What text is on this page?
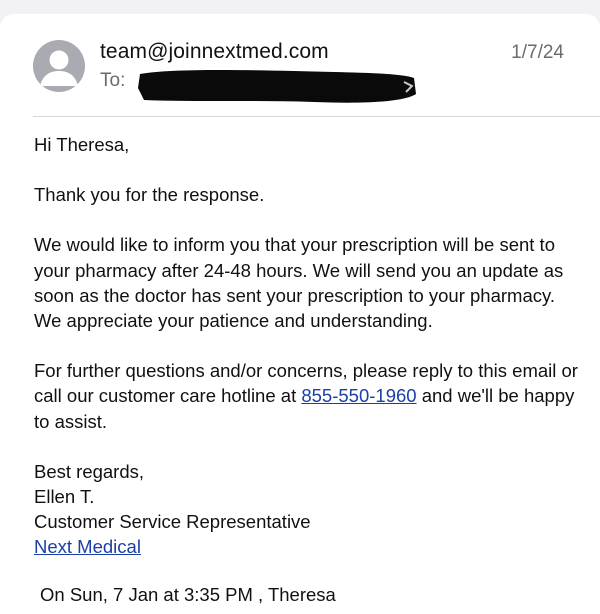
team@joinnextmed.com	1/7/24
To:

Hi Theresa,

Thank you for the response.

We would like to inform you that your prescription will be sent to your pharmacy after 24-48 hours. We will send you an update as soon as the doctor has sent your prescription to your pharmacy. We appreciate your patience and understanding.

For further questions and/or concerns, please reply to this email or call our customer care hotline at 855-550-1960 and we'll be happy to assist.

Best regards,

Ellen T.

Customer Service Representative

Next Medical

On Sun, 7 Jan at 3:35 PM , Theresa
